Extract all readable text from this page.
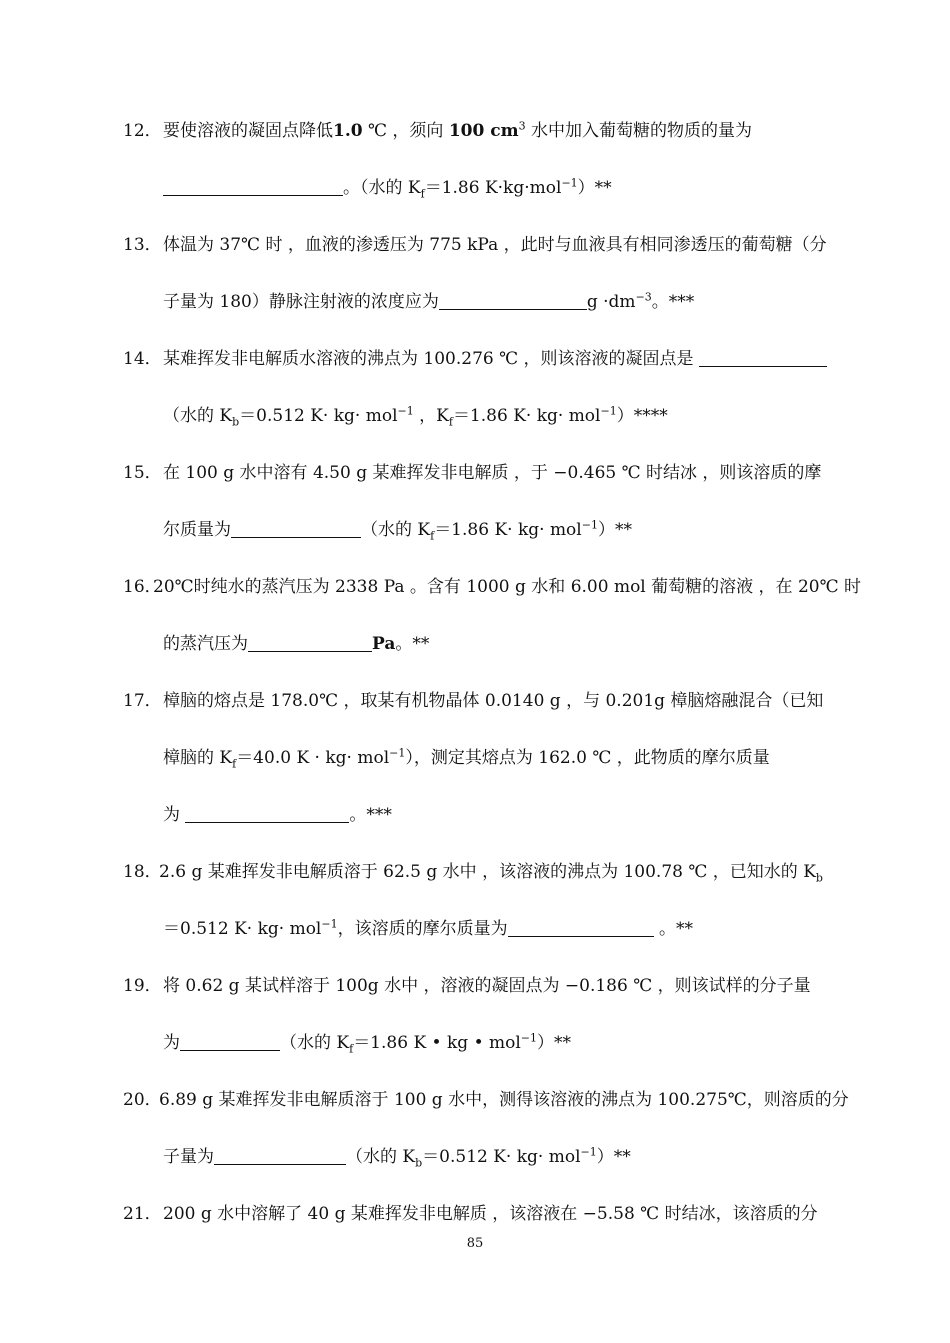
12． 要使溶液的凝固点降低1.0 ℃ ，须向 100 $cm^3$ 水中加入葡萄糖的物质的量为
。（水的 $K_f=1.86$ K·kg·mol$^{-1}$）**
13． 体温为 37℃ 时 ，血液的渗透压为 775 kPa ，此时与血液具有相同渗透压的葡萄糖（分
子量为 180）静脉注射液的浓度应为	$g \cdot dm^{-3}$。***
14． 某难挥发非电解质水溶液的沸点为 100.276 ℃ ，则该溶液的凝固点是
（水的 $K_b=0.512$ K· kg· mol$^{-1}$ ，$K_f=1.86$ K· kg· mol$^{-1}$）****
15． 在 100 g 水中溶有 4.50 g 某难挥发非电解质 ，于 −0.465 ℃ 时结冰 ，则该溶质的摩
尔质量为	（水的 $K_f=1.86$ K· kg· mol$^{-1}$）**
16．
20℃时纯水的蒸汽压为 2338 Pa 。含有 1000 g 水和 6.00 mol 葡萄糖的溶液 ，在 20℃ 时
的蒸汽压为	Pa。**
17． 樟脑的熔点是 178.0℃ ，取某有机物晶体 0.0140 g ，与 0.201g 樟脑熔融混合（已知
樟脑的 $K_f=40.0$ K · kg· mol$^{-1}$），测定其熔点为 162.0 ℃ ，此物质的摩尔质量
为	。***
18．
2.6 g 某难挥发非电解质溶于 62.5 g 水中 ，该溶液的沸点为 100.78 ℃ ，已知水的 $K_b$
＝0.512 K· kg· mol$^{-1}$，该溶质的摩尔质量为	。**
19． 将 0.62 g 某试样溶于 100g 水中 ，溶液的凝固点为 −0.186 ℃ ，则该试样的分子量
为	（水的 $K_f=1.86$ K • kg • mol$^{-1}$）**
20．
6.89 g 某难挥发非电解质溶于 100 g 水中，测得该溶液的沸点为 100.275℃，则溶质的分
子量为	（水的 $K_b=0.512$ K· kg· mol$^{-1}$）**
21． 200 g 水中溶解了 40 g 某难挥发非电解质 ，该溶液在 −5.58 ℃ 时结冰，该溶质的分
85
